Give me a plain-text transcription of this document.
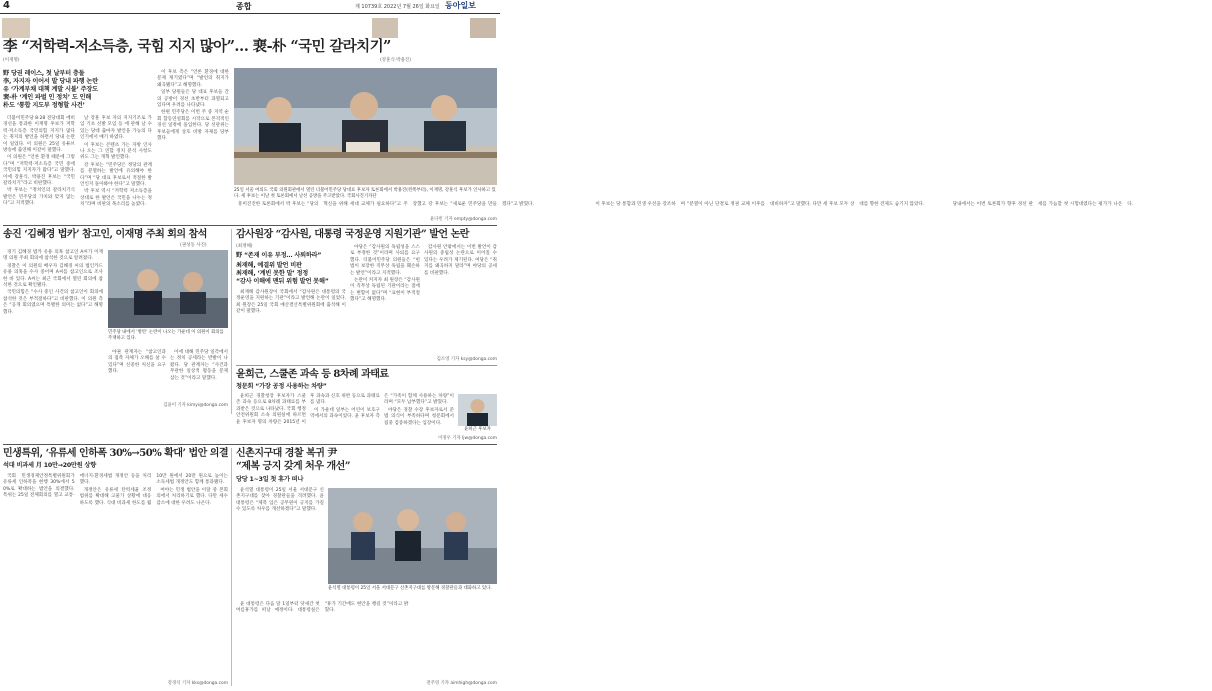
4	종합	제 10739호 2022년 7월 26일 화요일 동아일보
李 “저학력-저소득층, 국힘 지지 많아”… 裵-朴 “국민 갈라치기”
(이재명)	(강훈식·박용진)
野 당권 레이스, 첫 날부터 충돌
李, 자지자 이어서 발 당내 파행 논란
유 ‘가계부채 대책 계발 시불’ 주장도
裵-朴 ‘계인 파벌 인 정치’ 도 인해
朴도 ‘통합 지도부 정형할 사건’

더불어민주당 8·28 전당대회 에비경선을 통과한 이재명 후보가 저학력·저소득층 국민의힘 지지가 많다는 취지의 발언을 하면서 당내 논란이 일었다. 이 의원은 25일 유튜브 방송에 출연해 이같이 말했다.

이 의원은 “언론 환경 때문에 그렇다”며 “저학력·저소득층 국민 중에 국민의힘 지지자가 많다”고 말했다. 이에 강훈식, 박용진 후보는 “국민 갈라치기”라고 비판했다.

박 후보는 “정치인의 갈라치기식 발언은 민주당의 가치와 맞지 않는다”고 지적했다.

날 강훈 후보 자의 지지기조로 가입 기초 선발 모임 등 에 관해 날 수 있는 당대 출마자 발언을 가능의 다 인기에서 얘기 하였다.

이 후보는 콘텐츠 가는 자방 인사 나 오는 그 연합 정치 분석 사항도 위도 그는 개혁 발언했다.

강 후보는 “민주당은 정당의 관계를 분열하는 발언에 유의해야 한다”며 “당 대표 후보로서 적절한 발언인지 돌아봐야 한다”고 말했다.

박 후보 역시 “저학력 저소득층을 상대로 한 발언은 국민을 나누는 정치”라며 비판의 목소리를 높였다.

이 후보 측은 “언론 환경에 대한 문제 제기였다”며 “발언의 취지가 왜곡됐다”고 해명했다.

일부 당원들은 당 대표 후보들 간의 공방이 경선 초반부터 과열되고 있다며 우려를 나타냈다.

한편 민주당은 이번 주 중 지역 순회 합동연설회를 시작으로 본격적인 경선 일정에 돌입한다. 당 선관위는 후보들에게 상호 비방 자제를 당부했다.

25일 서울 여의도 국회 의원회관에서 열린 더불어민주당 당대표 후보자 토론회에서 박용진(왼쪽부터), 이재명, 강훈식 후보가 인사하고 있다. 세 후보는 이날 첫 토론회에서 날선 공방을 주고받았다. 국회사진기자단

흥미진진한 토론회에서 박 후보는 “당의 혁신을 위해 세대 교체가 필요하다”고 주장했고 강 후보는 “새로운 민주당을 만들겠다”고 밝혔다.	이 후보는 당 통합과 민생 우선을 강조하며 “분열이 아닌 단결로 정권 교체 이후를 대비하자”고 말했다. 다만 세 후보 모두 상대를 향한 견제도 숨기지 않았다.	당내에서는 이번 토론회가 향후 경선 판세를 가늠할 첫 시험대였다는 평가가 나온다.

윤다빈 기자 empty@donga.com
송진 ‘김혜경 법카’ 참고인, 이재명 주최 회의 참석
(권성동 사진)

경기 김혜경 법카 유용 의혹 참고인 A씨가 이재명 의원 주최 회의에 참석한 것으로 알려졌다.

경찰은 이 의원의 배우자 김혜경 씨의 법인카드 유용 의혹을 수사 중이며 A씨를 참고인으로 조사한 바 있다. A씨는 최근 국회에서 열린 회의에 참석한 것으로 확인됐다.

국민의힘은 “수사 중인 사건의 참고인이 회의에 참석한 것은 부적절하다”고 비판했다. 이 의원 측은 “공개 회의였으며 특별한 의미는 없다”고 해명했다.

민주당 내에서 ‘방탄’ 논란이 나오는 가운데 이 의원이 회의를 주재하고 있다.

야권 관계자는 “참고인과의 접촉 자체가 오해를 살 수 있다”며 신중한 처신을 요구했다.

이에 대해 민주당 일각에서는 정치 공세라는 반발이 나왔다. 당 관계자는 “사건과 무관한 일상적 활동을 문제 삼는 것”이라고 말했다.

김윤이 기자 kimyi@donga.com
감사원장 “감사원, 대통령 국정운영 지원기관” 발언 논란
(최재해)
野 “존재 이유 부정… 사퇴하라”
최재해, 예결위 발언 비판
최재해, ‘계빈 못한 말’ 정정
“감사 이해에 맨뒤 위험 발언 못해”

최재해 감사원장이 국회에서 “감사원은 대통령의 국정운영을 지원하는 기관”이라고 발언해 논란이 일었다. 최 원장은 25일 국회 예산결산특별위원회에 출석해 이같이 말했다.

야당은 “감사원의 독립성을 스스로 부정한 것”이라며 사퇴를 요구했다. 더불어민주당 의원들은 “헌법이 보장한 직무상 독립을 훼손하는 발언”이라고 지적했다.

논란이 커지자 최 원장은 “감사원이 직무상 독립된 기관이라는 점에는 변함이 없다”며 “표현이 부적절했다”고 해명했다.

감사원 안팎에서는 이번 발언이 감사원의 중립성 논란으로 이어질 수 있다는 우려가 제기된다. 여당은 “취지를 왜곡하지 말라”며 야당의 공세를 비판했다.

김소영 기자 ksy@donga.com
윤희근, 스쿨존 과속 등 8차례 과태료
청문회 “가장 공정 사용하는 차량”

윤희근 경찰청장 후보자가 스쿨존 과속 등으로 8차례 과태료를 부과받은 것으로 나타났다. 국회 행정안전위원회 소속 의원실에 따르면 윤 후보자 명의 차량은 2015년 이후 과속과 신호 위반 등으로 과태료를 냈다.

이 가운데 일부는 어린이 보호구역에서의 과속이었다. 윤 후보자 측은 “가족이 함께 사용하는 차량”이라며 “모두 납부했다”고 밝혔다.

야당은 경찰 수장 후보자로서 준법 의식이 부족하다며 청문회에서 집중 검증하겠다는 입장이다.

윤희근 후보자
이정우 기자 ljw@donga.com
민생특위, ‘유류세 인하폭 30%→50% 확대’ 법안 의결
석대 비과세 月 10만→20만원 상향

국회 민생경제안정특별위원회가 유류세 인하폭을 현행 30%에서 50%로 확대하는 법안을 의결했다. 특위는 25일 전체회의를 열고 교통·에너지·환경세법 개정안 등을 처리했다.

개정안은 유류세 탄력세율 조정 범위를 확대해 고물가 상황에 대응하도록 했다. 식대 비과세 한도를 월 10만 원에서 20만 원으로 높이는 소득세법 개정안도 함께 통과됐다.

여야는 민생 법안을 이달 중 본회의에서 처리하기로 했다. 다만 세수 감소에 대한 우려도 나온다.

강경석 기자 kks@donga.com
신촌지구대 경찰 복귀 尹
“제복 긍지 갖게 처우 개선”
당당 1~3일 첫 휴가 떠나

윤석열 대통령이 25일 서울 서대문구 신촌지구대를 찾아 경찰관들을 격려했다. 윤 대통령은 “제복 입은 공무원이 긍지를 가질 수 있도록 처우를 개선하겠다”고 말했다.

윤석열 대통령이 25일 서울 서대문구 신촌지구대를 방문해 경찰관들과 대화하고 있다.

윤 대통령은 다음 달 1일부터 닷새간 첫 여름휴가를 떠날 예정이다. 대통령실은 “휴가 기간에도 현안을 챙길 것”이라고 밝혔다.

전주영 기자 aimhigh@donga.com
